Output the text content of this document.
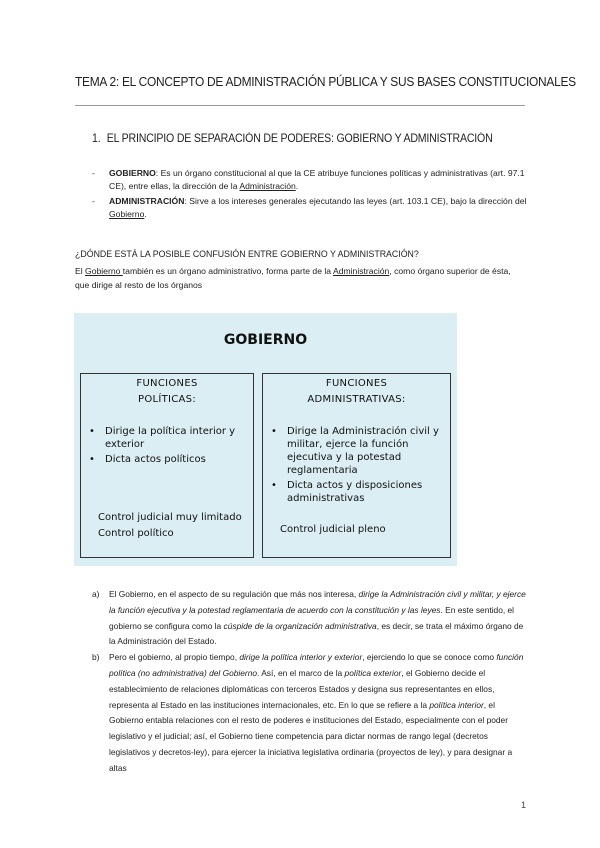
TEMA 2: EL CONCEPTO DE ADMINISTRACIÓN PÚBLICA Y SUS BASES CONSTITUCIONALES
1. EL PRINCIPIO DE SEPARACIÓN DE PODERES: GOBIERNO Y ADMINISTRACIÓN
- GOBIERNO: Es un órgano constitucional al que la CE atribuye funciones políticas y administrativas (art. 97.1 CE), entre ellas, la dirección de la Administración.
- ADMINISTRACIÓN: Sirve a los intereses generales ejecutando las leyes (art. 103.1 CE), bajo la dirección del Gobierno.
¿DÓNDE ESTÁ LA POSIBLE CONFUSIÓN ENTRE GOBIERNO Y ADMINISTRACIÓN?
El Gobierno también es un órgano administrativo, forma parte de la Administración, como órgano superior de ésta, que dirige al resto de los órganos
GOBIERNO
FUNCIONES
POLÍTICAS:
• Dirige la política interior y exterior
• Dicta actos políticos
Control judicial muy limitado
Control político
FUNCIONES
ADMINISTRATIVAS:
• Dirige la Administración civil y militar, ejerce la función ejecutiva y la potestad reglamentaria
• Dicta actos y disposiciones administrativas
Control judicial pleno
a) El Gobierno, en el aspecto de su regulación que más nos interesa, dirige la Administración civil y militar, y ejerce la función ejecutiva y la potestad reglamentaria de acuerdo con la constitución y las leyes. En este sentido, el gobierno se configura como la cúspide de la organización administrativa, es decir, se trata el máximo órgano de la Administración del Estado.
b) Pero el gobierno, al propio tiempo, dirige la política interior y exterior, ejerciendo lo que se conoce como función política (no administrativa) del Gobierno. Así, en el marco de la política exterior, el Gobierno decide el establecimiento de relaciones diplomáticas con terceros Estados y designa sus representantes en ellos, representa al Estado en las instituciones internacionales, etc. En lo que se refiere a la política interior, el Gobierno entabla relaciones con el resto de poderes e instituciones del Estado, especialmente con el poder legislativo y el judicial; así, el Gobierno tiene competencia para dictar normas de rango legal (decretos legislativos y decretos-ley), para ejercer la iniciativa legislativa ordinaria (proyectos de ley), y para designar a altas
1
